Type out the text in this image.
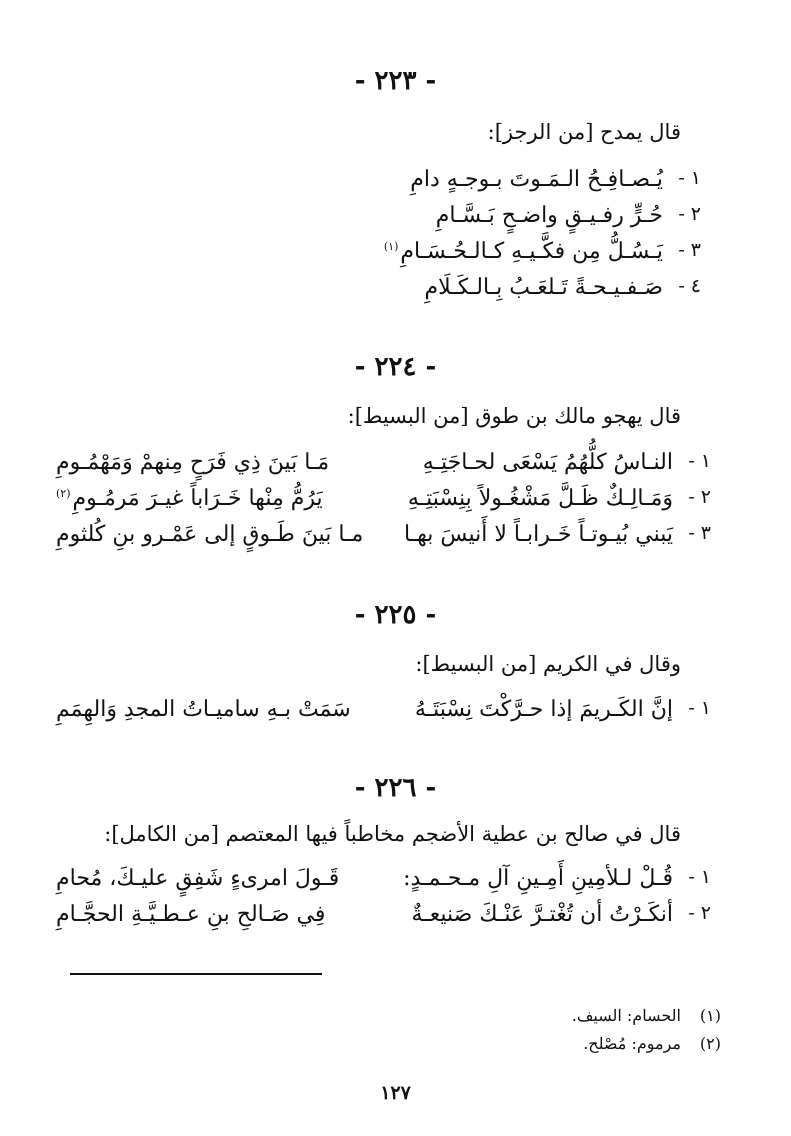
- ٢٢٣ -
قال يمدح [من الرجز]:
١ -
يُـصـافِـحُ الـمَـوتَ بـوجـهٍ دامِ
٢ -
حُـرٍّ رفـيـقٍ واضـحٍ بَـسَّـامِ
٣ -
يَـسُـلُّ مِن فكَّـيـهِ كـالـحُـسَـامِ$^{(١)}$
٤ -
صَـفـيـحـةً تَـلعَـبُ بِـالـكَـلَامِ
- ٢٢٤ -
قال يهجو مالك بن طوق [من البسيط]:
١ -
النـاسُ كلُّهُمُ يَسْعَى لحـاجَتِـهِ
مَـا بَينَ ذِي فَرَحٍ مِنهمْ وَمَهْمُـومِ
٢ -
وَمَـالِـكٌ ظَـلَّ مَشْغُـولاً بِنِسْبَتِـهِ
يَرُمُّ مِنْها خَـرَاباً غيـرَ مَرمُـومِ$^{(٢)}$
٣ -
يَبني بُيـوتـاً خَـرابـاً لا أَنيسَ بهـا
مـا بَينَ طَـوقٍ إلى عَمْـرو بنِ كُلثومِ
- ٢٢٥ -
وقال في الكريم [من البسيط]:
١ -
إنَّ الكَـريمَ إذا حـرَّكْتَ نِسْبَتَـهُ
سَمَتْ بـهِ ساميـاتُ المجدِ وَالهِمَمِ
- ٢٢٦ -
قال في صالح بن عطية الأضجم مخاطباً فيها المعتصم [من الكامل]:
١ -
قُـلْ لـلأمِينِ أَمِـينِ آلِ مـحـمـدٍ:
قَـولَ امرىءٍ شَفِقٍ عليـكَ، مُحامِ
٢ -
أنكَـرْتُ أن تُغْتـرَّ عَنْـكَ صَنيعـةٌ
فِي صَـالحِ بنِ عـطـيَّـةِ الحجَّـامِ
(١)الحسام: السيف.
(٢)مرموم: مُصْلح.
١٢٧
